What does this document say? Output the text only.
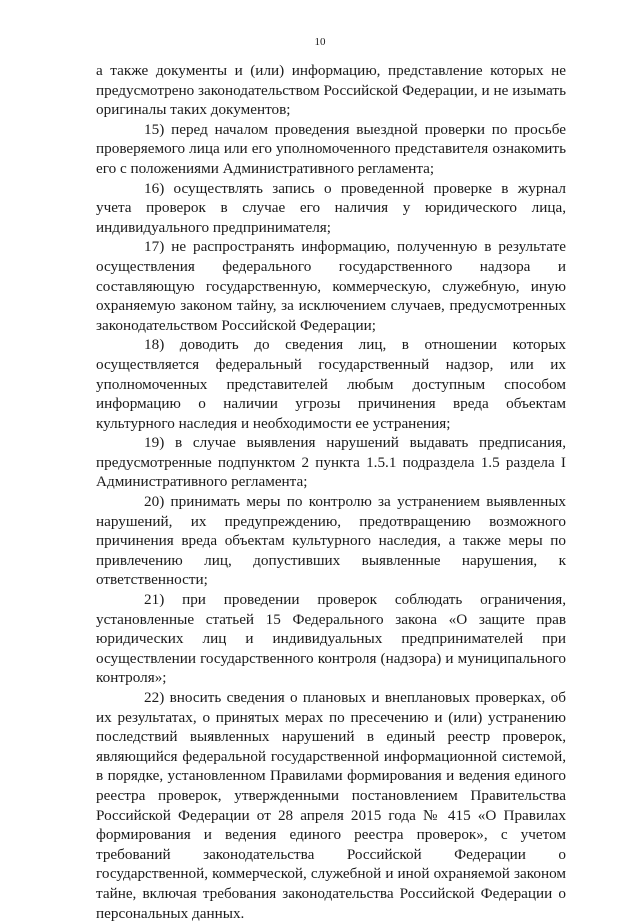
10

а также документы и (или) информацию, представление которых не предусмотрено законодательством Российской Федерации, и не изымать оригиналы таких документов;

15) перед началом проведения выездной проверки по просьбе проверяемого лица или его уполномоченного представителя ознакомить его с положениями Административного регламента;

16) осуществлять запись о проведенной проверке в журнал учета проверок в случае его наличия у юридического лица, индивидуального предпринимателя;

17) не распространять информацию, полученную в результате осуществления федерального государственного надзора и составляющую государственную, коммерческую, служебную, иную охраняемую законом тайну, за исключением случаев, предусмотренных законодательством Российской Федерации;

18) доводить до сведения лиц, в отношении которых осуществляется федеральный государственный надзор, или их уполномоченных представителей любым доступным способом информацию о наличии угрозы причинения вреда объектам культурного наследия и необходимости ее устранения;

19) в случае выявления нарушений выдавать предписания, предусмотренные подпунктом 2 пункта 1.5.1 подраздела 1.5 раздела I Административного регламента;

20) принимать меры по контролю за устранением выявленных нарушений, их предупреждению, предотвращению возможного причинения вреда объектам культурного наследия, а также меры по привлечению лиц, допустивших выявленные нарушения, к ответственности;

21) при проведении проверок соблюдать ограничения, установленные статьей 15 Федерального закона «О защите прав юридических лиц и индивидуальных предпринимателей при осуществлении государственного контроля (надзора) и муниципального контроля»;

22) вносить сведения о плановых и внеплановых проверках, об их результатах, о принятых мерах по пресечению и (или) устранению последствий выявленных нарушений в единый реестр проверок, являющийся федеральной государственной информационной системой, в порядке, установленном Правилами формирования и ведения единого реестра проверок, утвержденными постановлением Правительства Российской Федерации от 28 апреля 2015 года № 415 «О Правилах формирования и ведения единого реестра проверок», с учетом требований законодательства Российской Федерации о государственной, коммерческой, служебной и иной охраняемой законом тайне, включая требования законодательства Российской Федерации о персональных данных.
